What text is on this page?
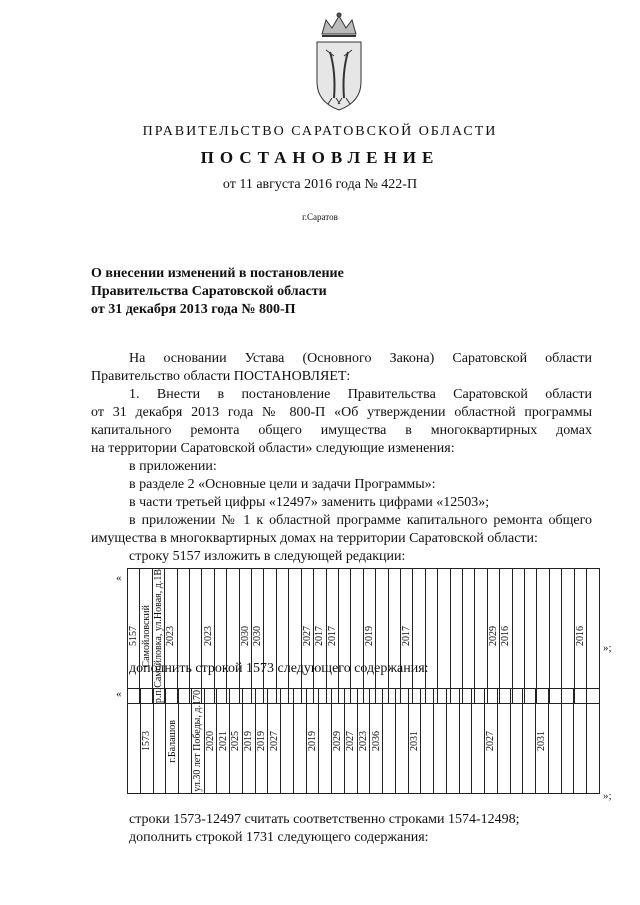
ПРАВИТЕЛЬСТВО САРАТОВСКОЙ ОБЛАСТИ
ПОСТАНОВЛЕНИЕ
от 11 августа 2016 года № 422-П
г.Саратов
О внесении изменений в постановление
Правительства Саратовской области
от 31 декабря 2013 года № 800-П
На основании Устава (Основного Закона) Саратовской области
Правительство области ПОСТАНОВЛЯЕТ:
1. Внести в постановление Правительства Саратовской области
от 31 декабря 2013 года № 800-П «Об утверждении областной программы
капитального ремонта общего имущества в многоквартирных домах
на территории Саратовской области» следующие изменения:
в приложении:
в разделе 2 «Основные цели и задачи Программы»:
в части третьей цифры «12497» заменить цифрами «12503»;
в приложении № 1 к областной программе капитального ремонта общего
имущества в многоквартирных домах на территории Саратовской области:
строку 5157 изложить в следующей редакции:
«
5157	Самойловский	р.п.Самойловка, ул.Новая, д.1В	2023			2023			2030	2030				2027	2017	2017			2019			2017							2029	2016						2016

»;
дополнить строкой 1573 следующего содержания:
«

1573		г.Балашов		ул.30 лет Победы, д.170	2020	2021	2025	2019	2019	2027			2019		2029	2027	2023	2036			2031						2027				2031

»;
строки 1573-12497 считать соответственно строками 1574-12498;
дополнить строкой 1731 следующего содержания:
